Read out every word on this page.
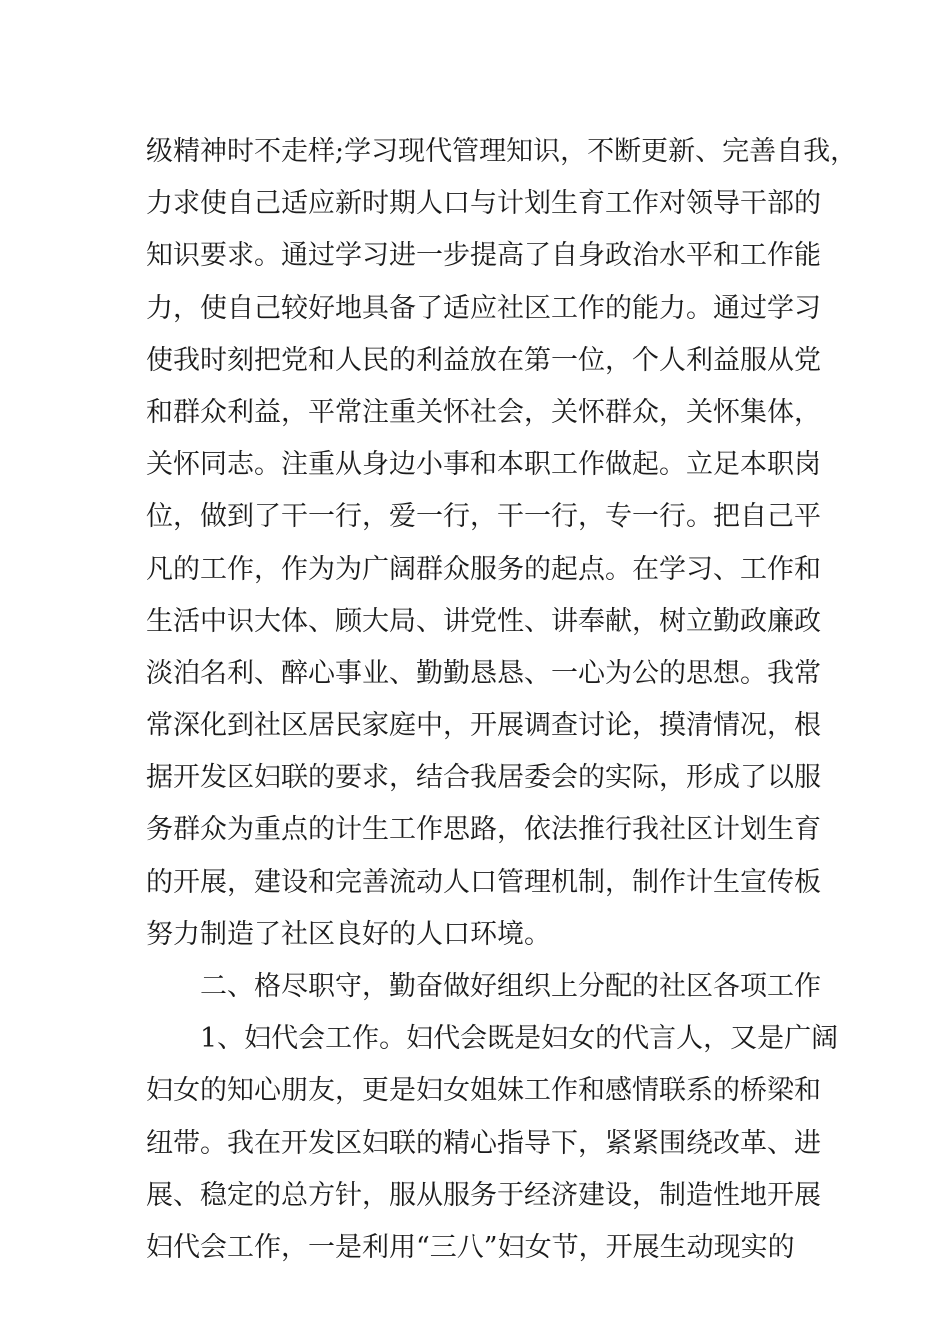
级精神时不走样;学习现代管理知识，不断更新、完善自我，
力求使自己适应新时期人口与计划生育工作对领导干部的
知识要求。通过学习进一步提高了自身政治水平和工作能
力，使自己较好地具备了适应社区工作的能力。通过学习
使我时刻把党和人民的利益放在第一位，个人利益服从党
和群众利益，平常注重关怀社会，关怀群众，关怀集体，
关怀同志。注重从身边小事和本职工作做起。立足本职岗
位，做到了干一行，爱一行，干一行，专一行。把自己平
凡的工作，作为为广阔群众服务的起点。在学习、工作和
生活中识大体、顾大局、讲党性、讲奉献，树立勤政廉政
淡泊名利、醉心事业、勤勤恳恳、一心为公的思想。我常
常深化到社区居民家庭中，开展调查讨论，摸清情况，根
据开发区妇联的要求，结合我居委会的实际，形成了以服
务群众为重点的计生工作思路，依法推行我社区计划生育
的开展，建设和完善流动人口管理机制，制作计生宣传板
努力制造了社区良好的人口环境。
二、格尽职守，勤奋做好组织上分配的社区各项工作
1、妇代会工作。妇代会既是妇女的代言人，又是广阔
妇女的知心朋友，更是妇女姐妹工作和感情联系的桥梁和
纽带。我在开发区妇联的精心指导下，紧紧围绕改革、进
展、稳定的总方针，服从服务于经济建设，制造性地开展
妇代会工作，一是利用“三八”妇女节，开展生动现实的
